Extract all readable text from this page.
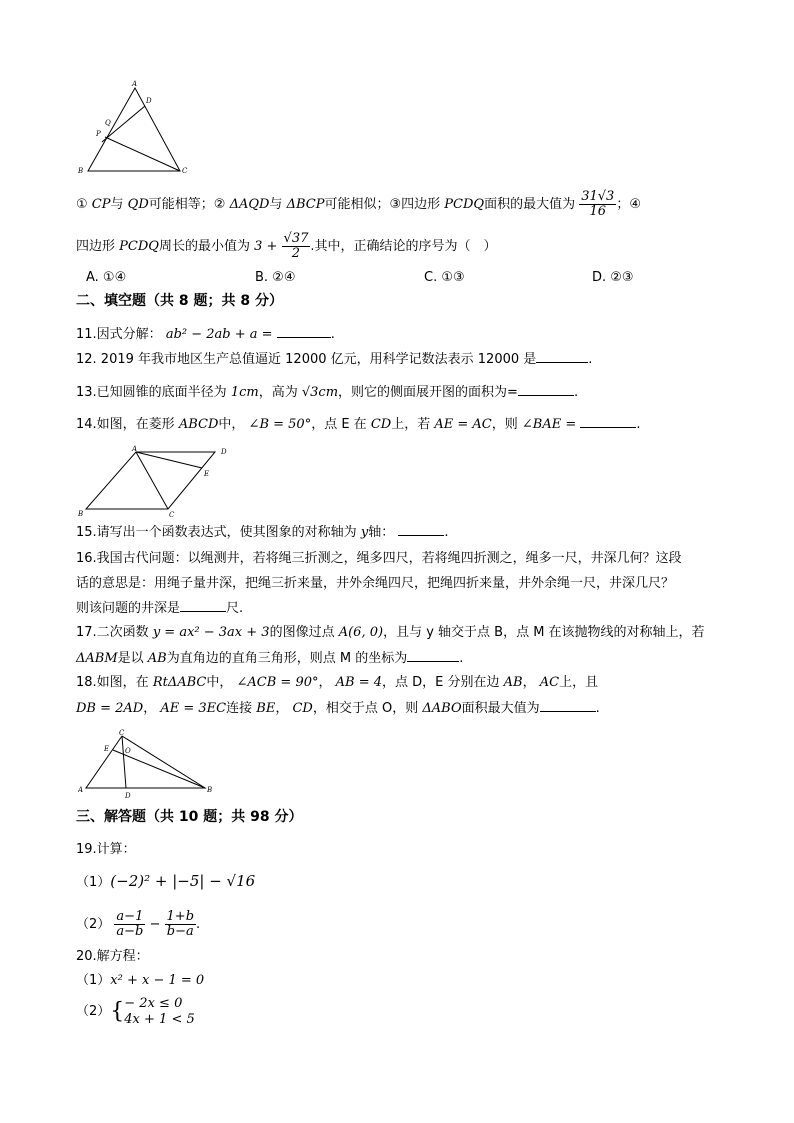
A
D
Q
P
B	C
① CP与 QD可能相等；② ΔAQD与 ΔBCP可能相似；③四边形 PCDQ面积的最大值为 $\frac{31√3}{16}$ ；④
四边形 PCDQ周长的最小值为 $3 + \frac{√37}{2}$ .其中，正确结论的序号为（　）
A. ①④	B. ②④	C. ①③	D. ②③
二、填空题（共 8 题；共 8 分）
11.因式分解： ab² − 2ab + a =	.
12. 2019 年我市地区生产总值逼近 12000 亿元，用科学记数法表示 12000 是	.
13.已知圆锥的底面半径为 1cm，高为 √3cm，则它的侧面展开图的面积为=	.
14.如图，在菱形 ABCD中， ∠B = 50°，点 E 在 CD上，若 AE = AC，则 ∠BAE =	.
A	D
E
B	C
15.请写出一个函数表达式，使其图象的对称轴为 y轴：	.
16.我国古代问题：以绳测井，若将绳三折测之，绳多四尺，若将绳四折测之，绳多一尺，井深几何？这段
话的意思是：用绳子量井深，把绳三折来量，井外余绳四尺，把绳四折来量，井外余绳一尺，井深几尺？
则该问题的井深是	尺.
17.二次函数 y = ax² − 3ax + 3的图像过点 A(6, 0)，且与 y 轴交于点 B，点 M 在该抛物线的对称轴上，若
ΔABM是以 AB为直角边的直角三角形，则点 M 的坐标为	.
18.如图，在 RtΔABC中， ∠ACB = 90°， AB = 4，点 D，E 分别在边 AB， AC上，且
DB = 2AD， AE = 3EC连接 BE， CD，相交于点 O，则 ΔABO面积最大值为	.
C
E O
A
D
B
三、解答题（共 10 题；共 98 分）
19.计算：
（1）(−2)² + |−5| − √16
$(2) \frac{a-1}{a-b} - \frac{1+b}{b-a}$ .
20.解方程：
（1）x² + x − 1 = 0
（2）{ − 2x ≤ 0
4x + 1 < 5
